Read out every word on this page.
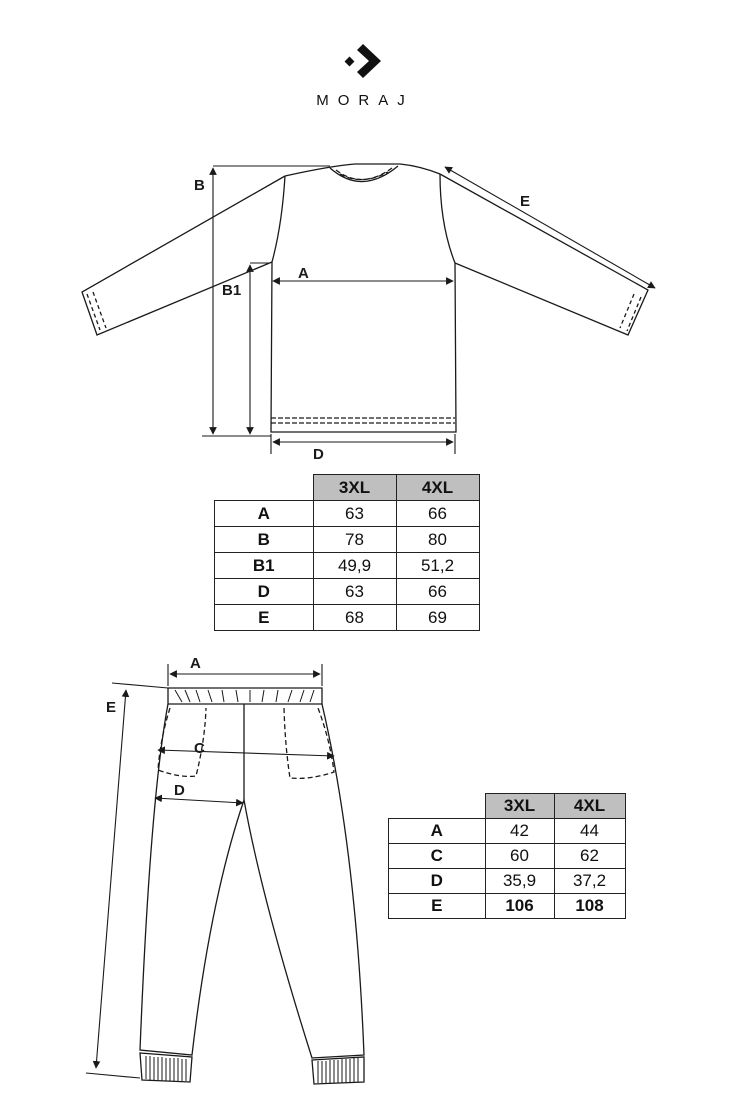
MORAJ
B
B1
A
D
E
	3XL	4XL
A	63	66
B	78	80
B1	49,9	51,2
D	63	66
E	68	69
A
E
C
D
	3XL	4XL
A	42	44
C	60	62
D	35,9	37,2
E	106	108
